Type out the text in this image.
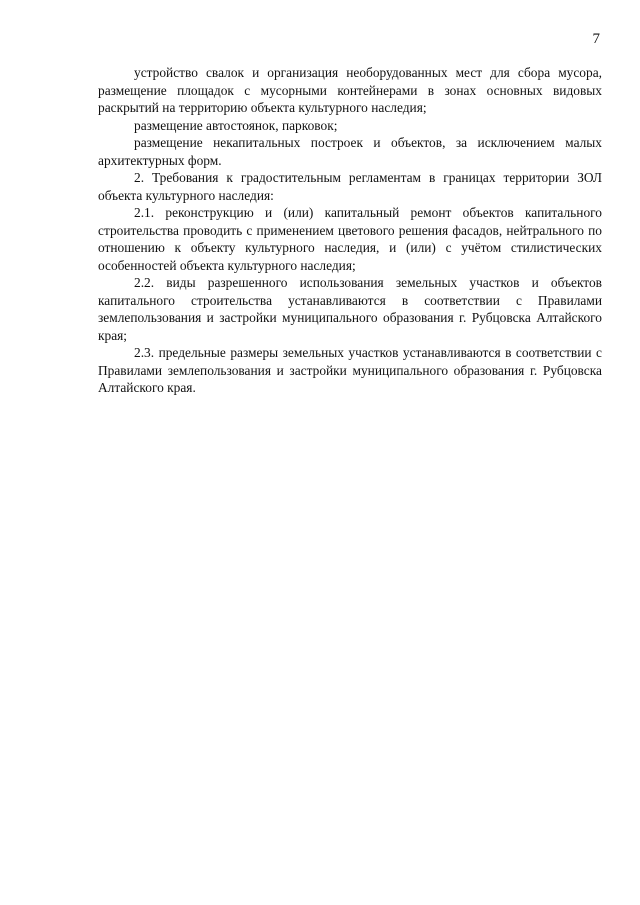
7

устройство свалок и организация необорудованных мест для сбора мусора, размещение площадок с мусорными контейнерами в зонах основных видовых раскрытий на территорию объекта культурного наследия;

размещение автостоянок, парковок;

размещение некапитальных построек и объектов, за исключением малых архитектурных форм.

2. Требования к градостительным регламентам в границах территории ЗОЛ объекта культурного наследия:

2.1. реконструкцию и (или) капитальный ремонт объектов капитального строительства проводить с применением цветового решения фасадов, нейтрального по отношению к объекту культурного наследия, и (или) с учётом стилистических особенностей объекта культурного наследия;

2.2. виды разрешенного использования земельных участков и объектов капитального строительства устанавливаются в соответствии с Правилами землепользования и застройки муниципального образования г. Рубцовска Алтайского края;

2.3. предельные размеры земельных участков устанавливаются в соответствии с Правилами землепользования и застройки муниципального образования г. Рубцовска Алтайского края.
